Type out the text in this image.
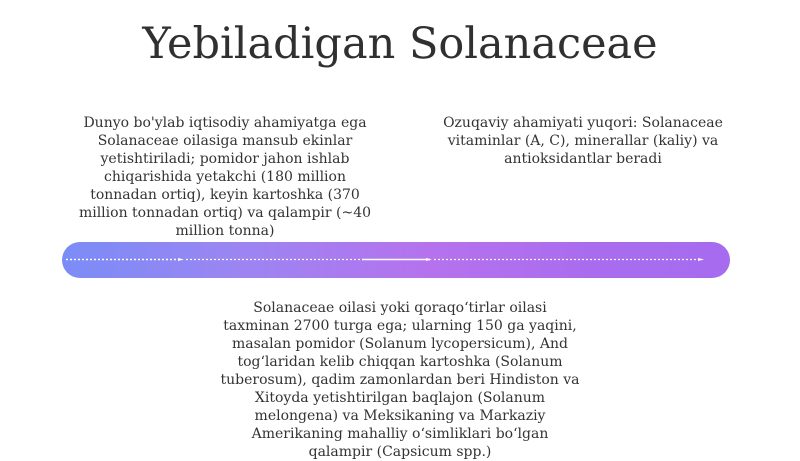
Yebiladigan Solanaceae
Dunyo bo'ylab iqtisodiy ahamiyatga ega Solanaceae oilasiga mansub ekinlar yetishtiriladi; pomidor jahon ishlab chiqarishida yetakchi (180 million tonnadan ortiq), keyin kartoshka (370 million tonnadan ortiq) va qalampir (~40 million tonna)
Ozuqaviy ahamiyati yuqori: Solanaceae vitaminlar (A, C), minerallar (kaliy) va antioksidantlar beradi
Solanaceae oilasi yoki qoraqo‘tirlar oilasi taxminan 2700 turga ega; ularning 150 ga yaqini, masalan pomidor (Solanum lycopersicum), And tog‘laridan kelib chiqqan kartoshka (Solanum tuberosum), qadim zamonlardan beri Hindiston va Xitoyda yetishtirilgan baqlajon (Solanum melongena) va Meksikaning va Markaziy Amerikaning mahalliy o‘simliklari bo‘lgan qalampir (Capsicum spp.)
